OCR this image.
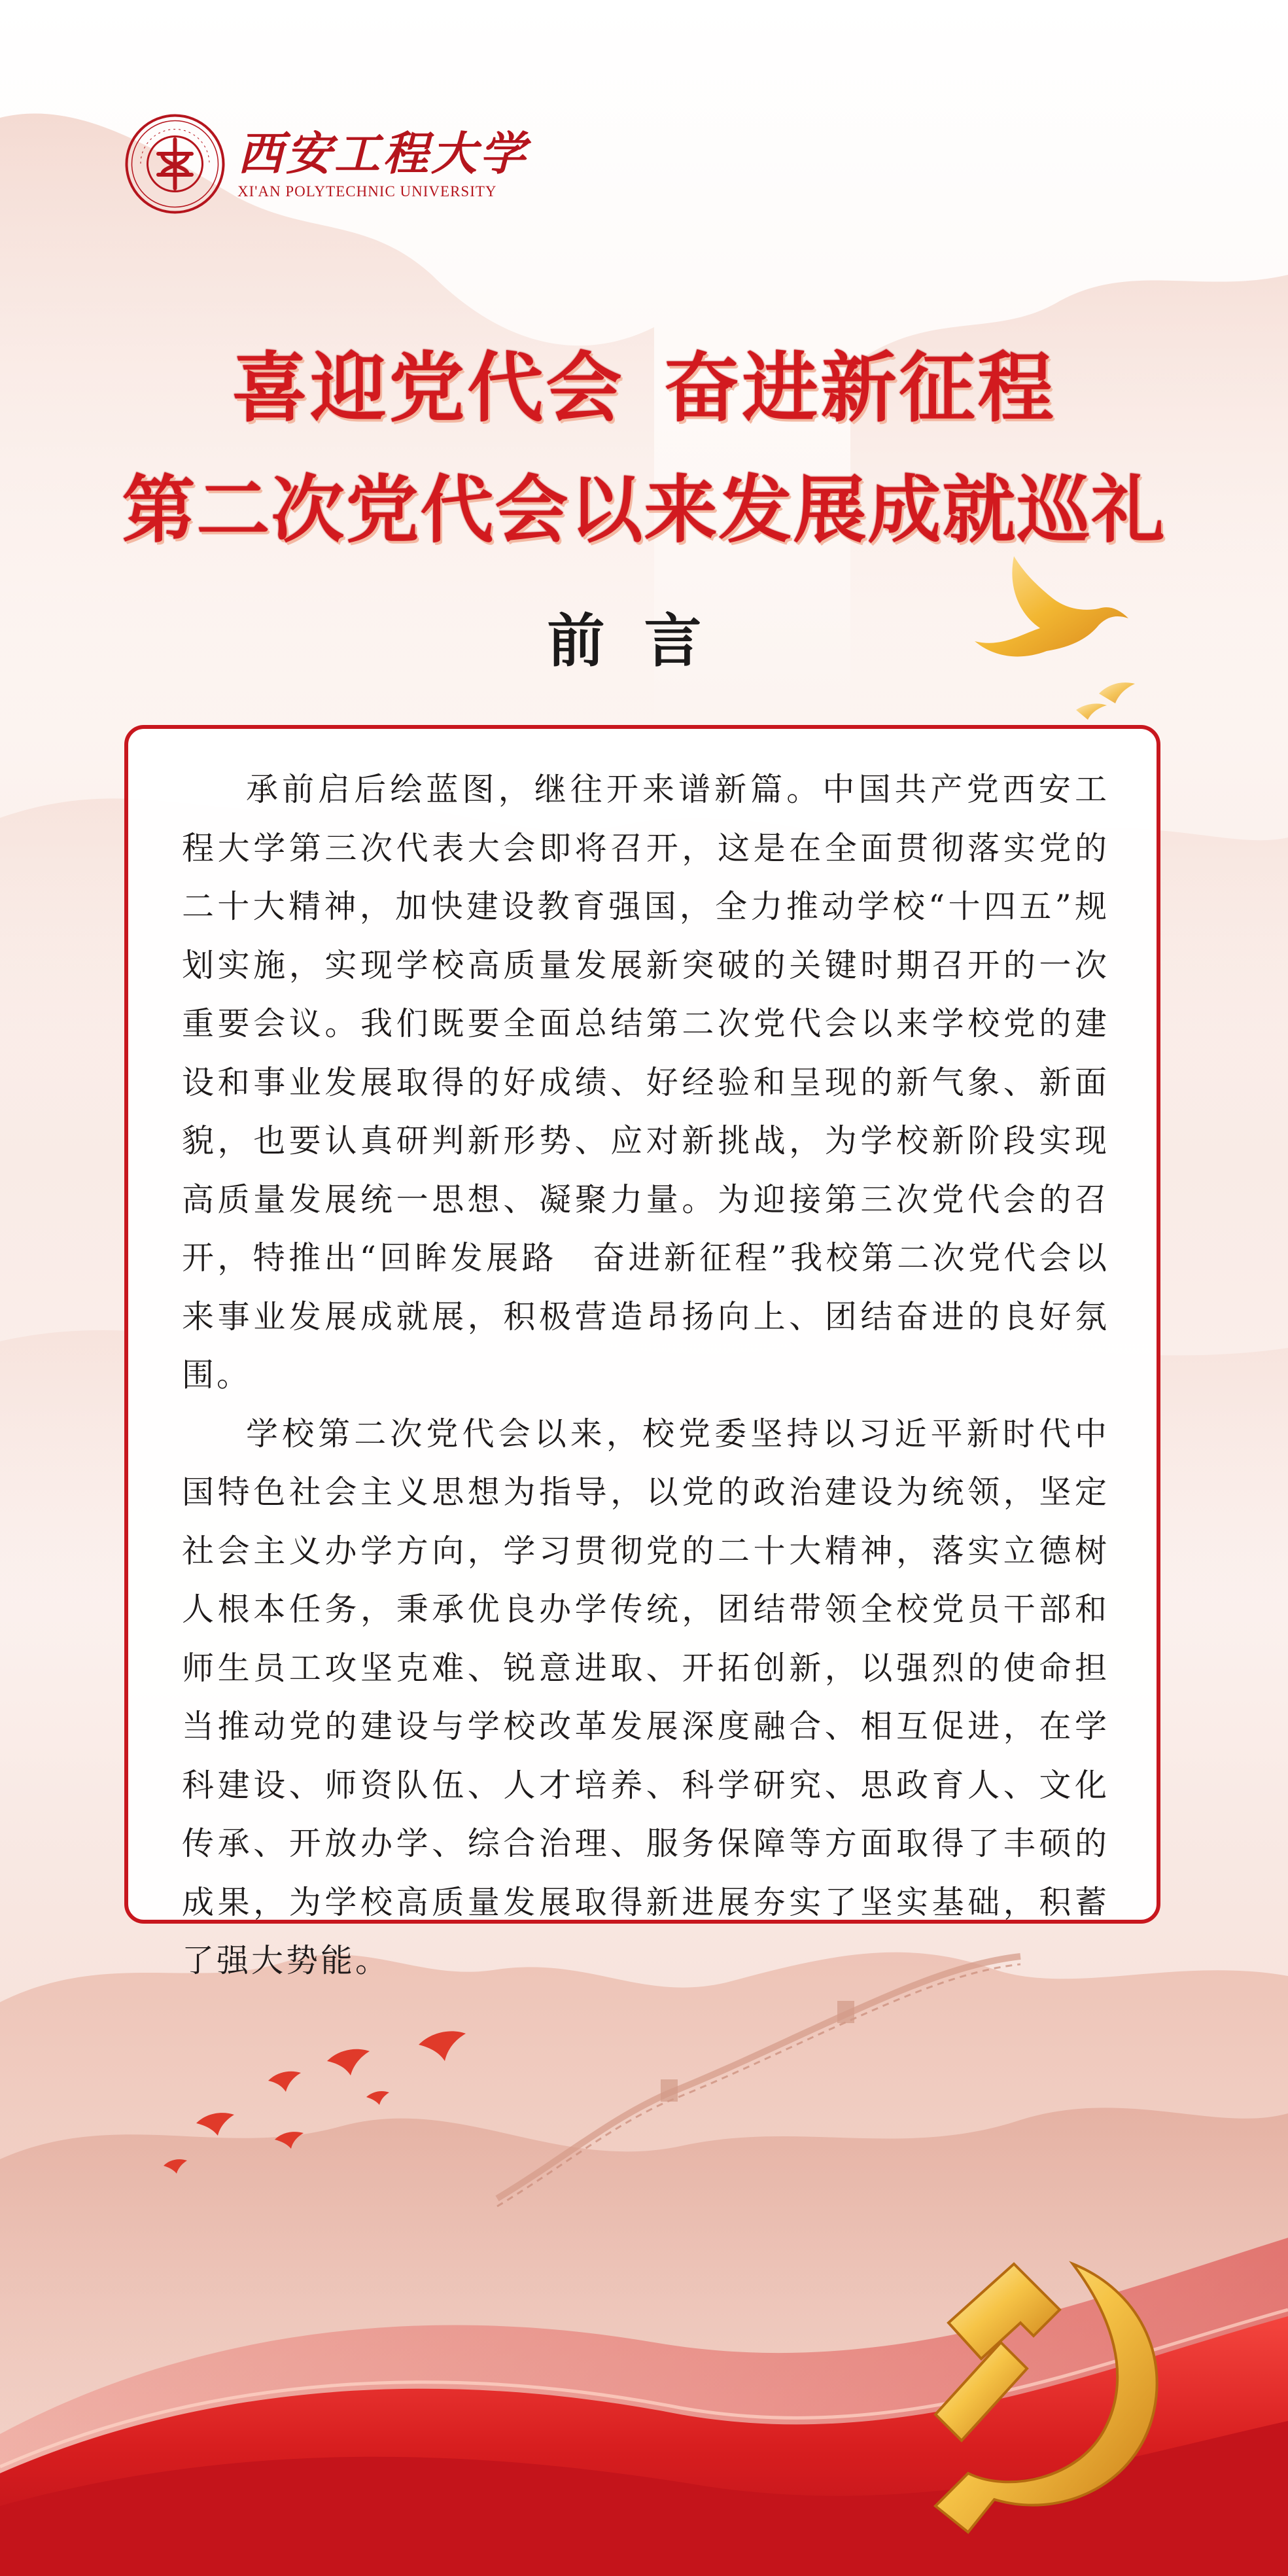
西安工程大学
XI'AN POLYTECHNIC UNIVERSITY
喜迎党代会 奋进新征程
第二次党代会以来发展成就巡礼
前言

承前启后绘蓝图，继往开来谱新篇。中国共产党西安工程大学第三次代表大会即将召开，这是在全面贯彻落实党的二十大精神，加快建设教育强国，全力推动学校“十四五”规划实施，实现学校高质量发展新突破的关键时期召开的一次重要会议。我们既要全面总结第二次党代会以来学校党的建设和事业发展取得的好成绩、好经验和呈现的新气象、新面貌，也要认真研判新形势、应对新挑战，为学校新阶段实现高质量发展统一思想、凝聚力量。为迎接第三次党代会的召开，特推出“回眸发展路　奋进新征程”我校第二次党代会以来事业发展成就展，积极营造昂扬向上、团结奋进的良好氛围。

学校第二次党代会以来，校党委坚持以习近平新时代中国特色社会主义思想为指导，以党的政治建设为统领，坚定社会主义办学方向，学习贯彻党的二十大精神，落实立德树人根本任务，秉承优良办学传统，团结带领全校党员干部和师生员工攻坚克难、锐意进取、开拓创新，以强烈的使命担当推动党的建设与学校改革发展深度融合、相互促进，在学科建设、师资队伍、人才培养、科学研究、思政育人、文化传承、开放办学、综合治理、服务保障等方面取得了丰硕的成果，为学校高质量发展取得新进展夯实了坚实基础，积蓄了强大势能。
